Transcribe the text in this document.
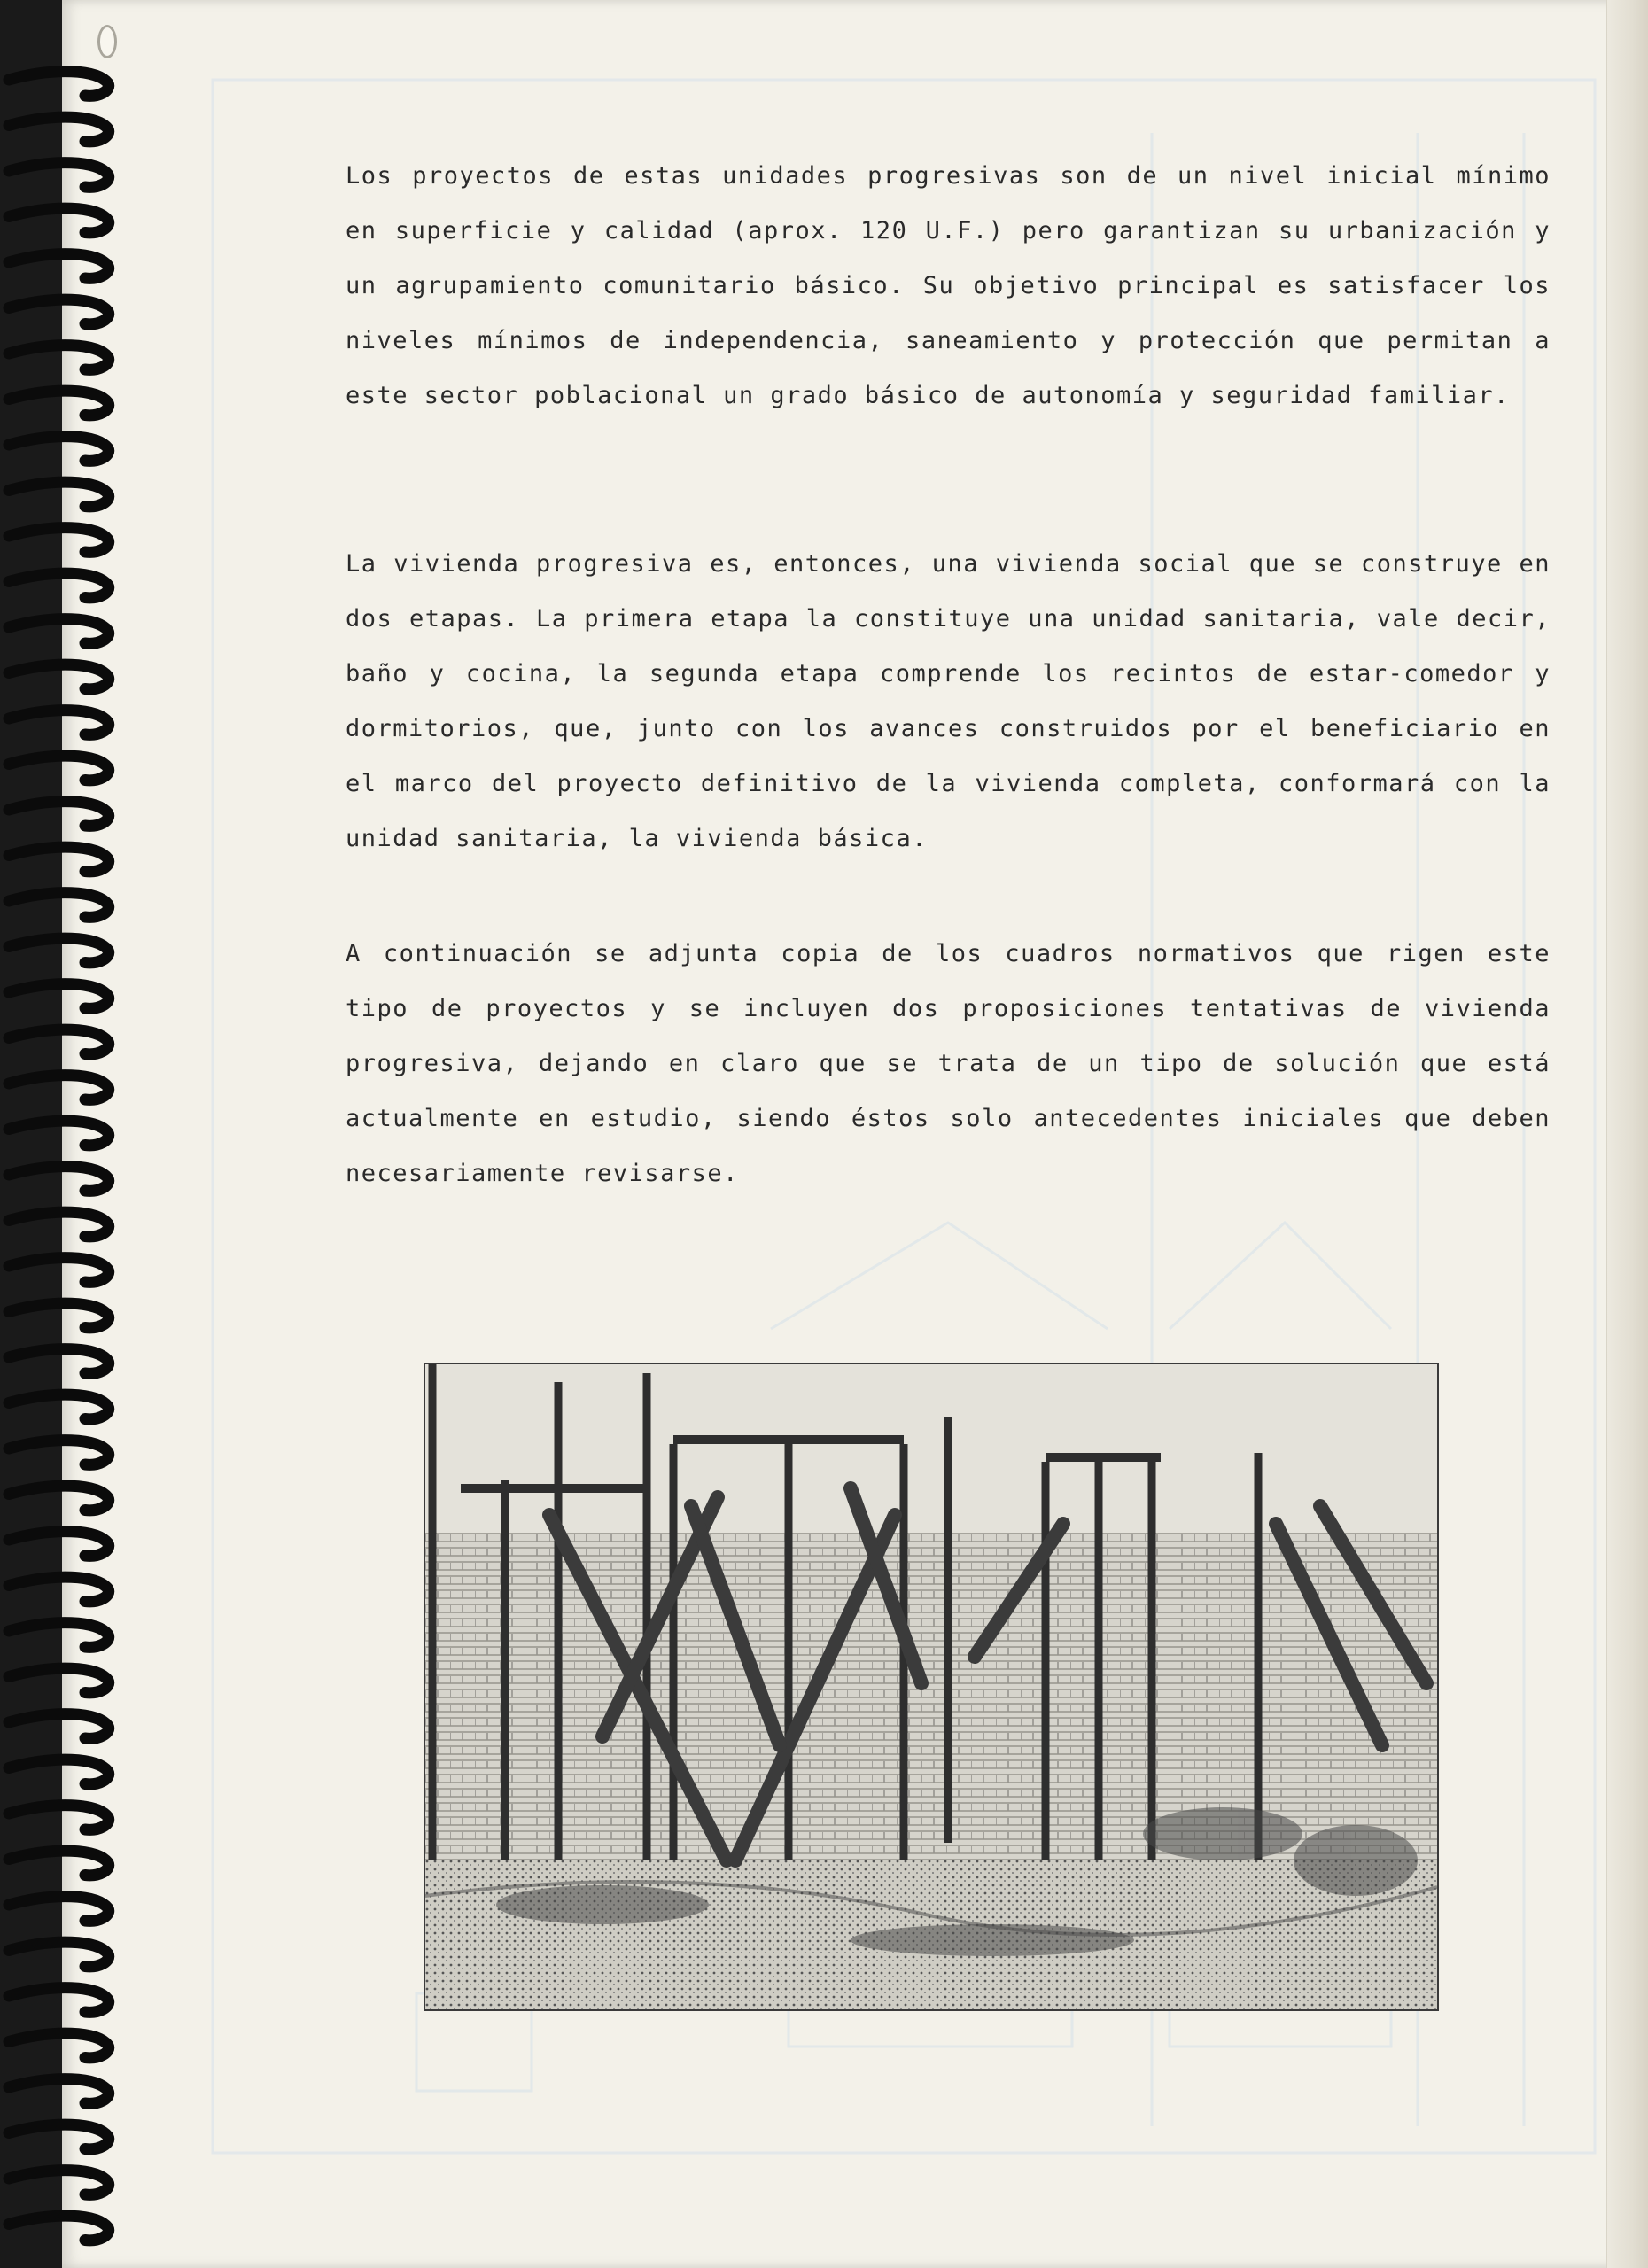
Los proyectos de estas unidades progresivas son de un nivel inicial mínimo en superficie y calidad (aprox. 120 U.F.) pero garantizan su urbanización y un agrupamiento comunitario básico. Su objetivo principal es satisfacer los niveles mínimos de independencia, saneamiento y protección que permitan a este sector poblacional un grado básico de autonomía y seguridad familiar.
La vivienda progresiva es, entonces, una vivienda social que se construye en dos etapas. La primera etapa la constituye una unidad sanitaria, vale decir, baño y cocina, la segunda etapa comprende los recintos de estar-comedor y dormitorios, que, junto con los avances construidos por el beneficiario en el marco del proyecto definitivo de la vivienda completa, conformará con la unidad sanitaria, la vivienda básica.
A continuación se adjunta copia de los cuadros normativos que rigen este tipo de proyectos y se incluyen dos proposiciones tentativas de vivienda progresiva, dejando en claro que se trata de un tipo de solución que está actualmente en estudio, siendo éstos solo antecedentes iniciales que deben necesariamente revisarse.
